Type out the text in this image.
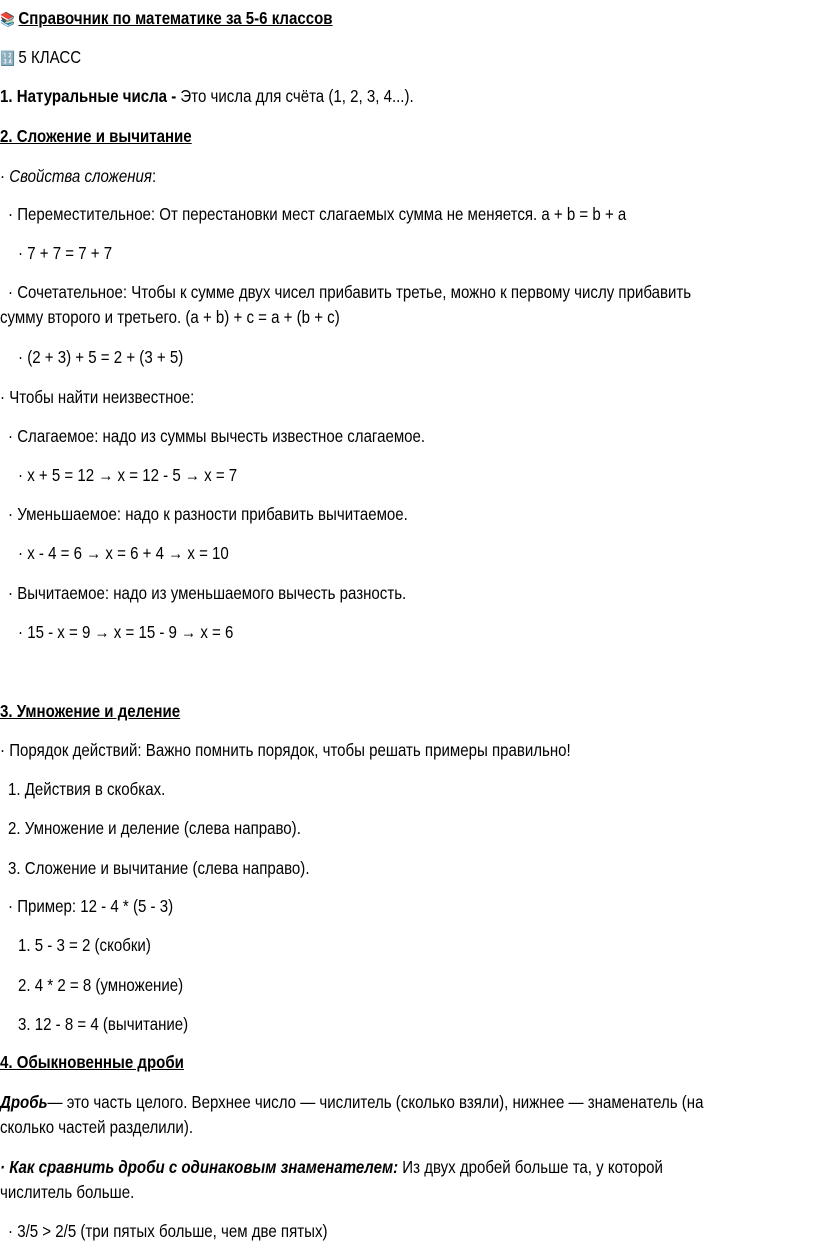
📚 Справочник по математике за 5-6 классов
🔢 5 КЛАСС
1. Натуральные числа - Это числа для счёта (1, 2, 3, 4...).
2. Сложение и вычитание
· Свойства сложения:
· Переместительное: От перестановки мест слагаемых сумма не меняется. a + b = b + a
· 7 + 7 = 7 + 7
· Сочетательное: Чтобы к сумме двух чисел прибавить третье, можно к первому числу прибавить
сумму второго и третьего. (a + b) + c = a + (b + c)
· (2 + 3) + 5 = 2 + (3 + 5)
· Чтобы найти неизвестное:
· Слагаемое: надо из суммы вычесть известное слагаемое.
· x + 5 = 12 → x = 12 - 5 → x = 7
· Уменьшаемое: надо к разности прибавить вычитаемое.
· x - 4 = 6 → x = 6 + 4 → x = 10
· Вычитаемое: надо из уменьшаемого вычесть разность.
· 15 - x = 9 → x = 15 - 9 → x = 6
3. Умножение и деление
· Порядок действий: Важно помнить порядок, чтобы решать примеры правильно!
1. Действия в скобках.
2. Умножение и деление (слева направо).
3. Сложение и вычитание (слева направо).
· Пример: 12 - 4 * (5 - 3)
1. 5 - 3 = 2 (скобки)
2. 4 * 2 = 8 (умножение)
3. 12 - 8 = 4 (вычитание)
4. Обыкновенные дроби
Дробь— это часть целого. Верхнее число — числитель (сколько взяли), нижнее — знаменатель (на
сколько частей разделили).
· Как сравнить дроби с одинаковым знаменателем: Из двух дробей больше та, у которой
числитель больше.
· 3/5 > 2/5 (три пятых больше, чем две пятых)
